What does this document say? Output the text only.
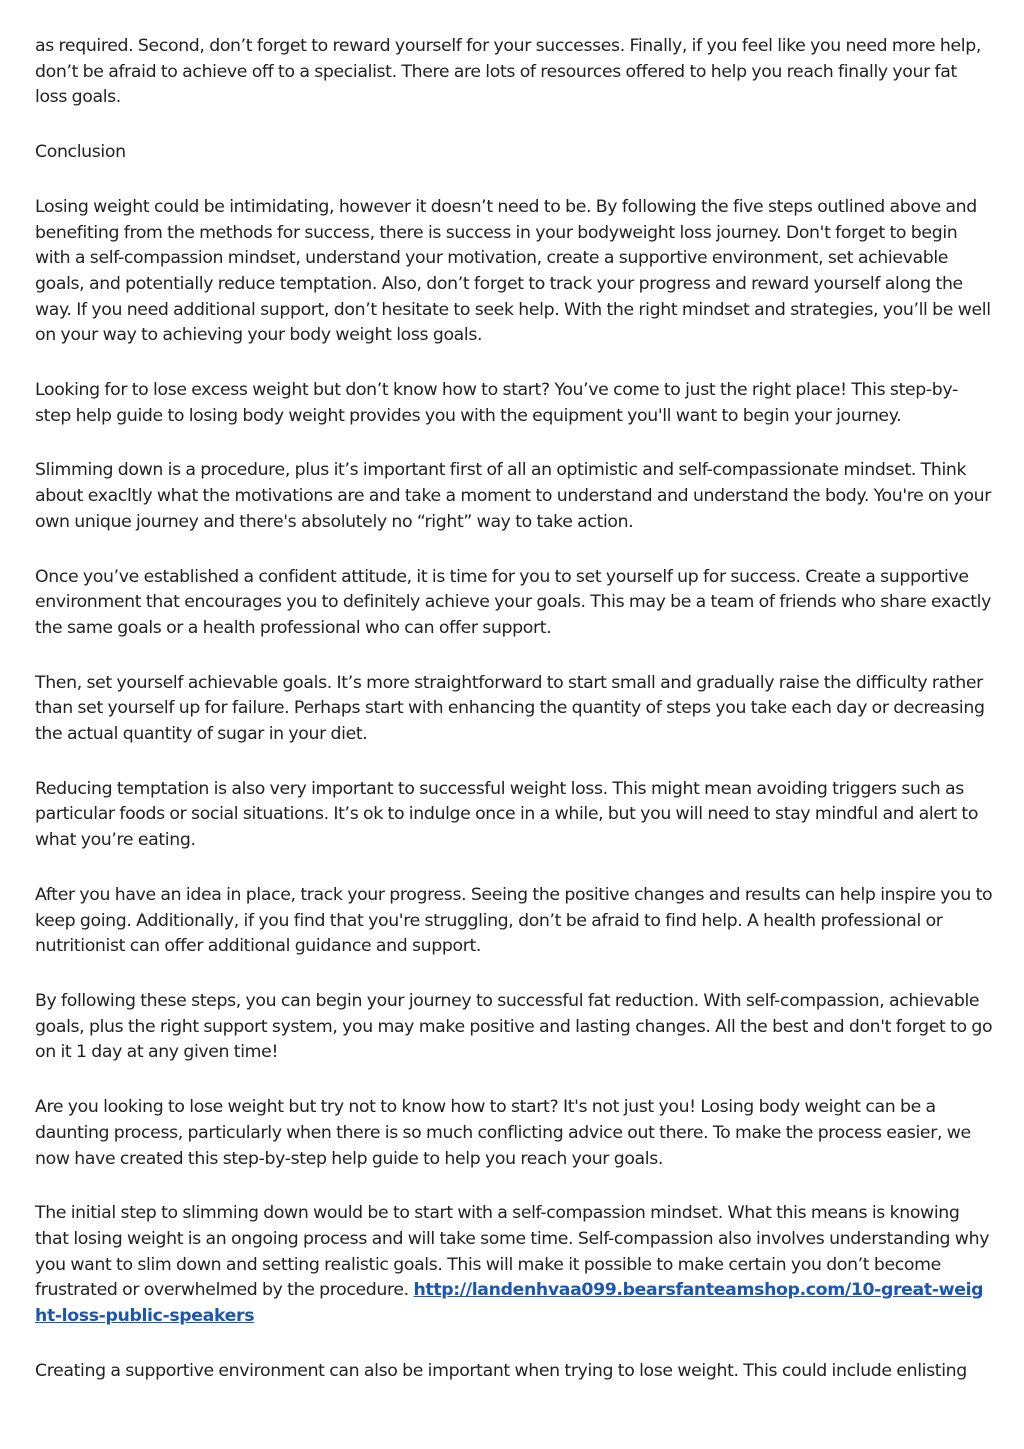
as required. Second, don’t forget to reward yourself for your successes. Finally, if you feel like you need more help, don’t be afraid to achieve off to a specialist. There are lots of resources offered to help you reach finally your fat loss goals.

Conclusion

Losing weight could be intimidating, however it doesn’t need to be. By following the five steps outlined above and benefiting from the methods for success, there is success in your bodyweight loss journey. Don't forget to begin with a self-compassion mindset, understand your motivation, create a supportive environment, set achievable goals, and potentially reduce temptation. Also, don’t forget to track your progress and reward yourself along the way. If you need additional support, don’t hesitate to seek help. With the right mindset and strategies, you’ll be well on your way to achieving your body weight loss goals.

Looking for to lose excess weight but don’t know how to start? You’ve come to just the right place! This step-by-step help guide to losing body weight provides you with the equipment you'll want to begin your journey.

Slimming down is a procedure, plus it’s important first of all an optimistic and self-compassionate mindset. Think about exacltly what the motivations are and take a moment to understand and understand the body. You're on your own unique journey and there's absolutely no “right” way to take action.

Once you’ve established a confident attitude, it is time for you to set yourself up for success. Create a supportive environment that encourages you to definitely achieve your goals. This may be a team of friends who share exactly the same goals or a health professional who can offer support.

Then, set yourself achievable goals. It’s more straightforward to start small and gradually raise the difficulty rather than set yourself up for failure. Perhaps start with enhancing the quantity of steps you take each day or decreasing the actual quantity of sugar in your diet.

Reducing temptation is also very important to successful weight loss. This might mean avoiding triggers such as particular foods or social situations. It’s ok to indulge once in a while, but you will need to stay mindful and alert to what you’re eating.

After you have an idea in place, track your progress. Seeing the positive changes and results can help inspire you to keep going. Additionally, if you find that you're struggling, don’t be afraid to find help. A health professional or nutritionist can offer additional guidance and support.

By following these steps, you can begin your journey to successful fat reduction. With self-compassion, achievable goals, plus the right support system, you may make positive and lasting changes. All the best and don't forget to go on it 1 day at any given time!

Are you looking to lose weight but try not to know how to start? It's not just you! Losing body weight can be a daunting process, particularly when there is so much conflicting advice out there. To make the process easier, we now have created this step-by-step help guide to help you reach your goals.

The initial step to slimming down would be to start with a self-compassion mindset. What this means is knowing that losing weight is an ongoing process and will take some time. Self-compassion also involves understanding why you want to slim down and setting realistic goals. This will make it possible to make certain you don’t become frustrated or overwhelmed by the procedure. http://landenhvaa099.bearsfanteamshop.com/10-great-weight-loss-public-speakers

Creating a supportive environment can also be important when trying to lose weight. This could include enlisting
